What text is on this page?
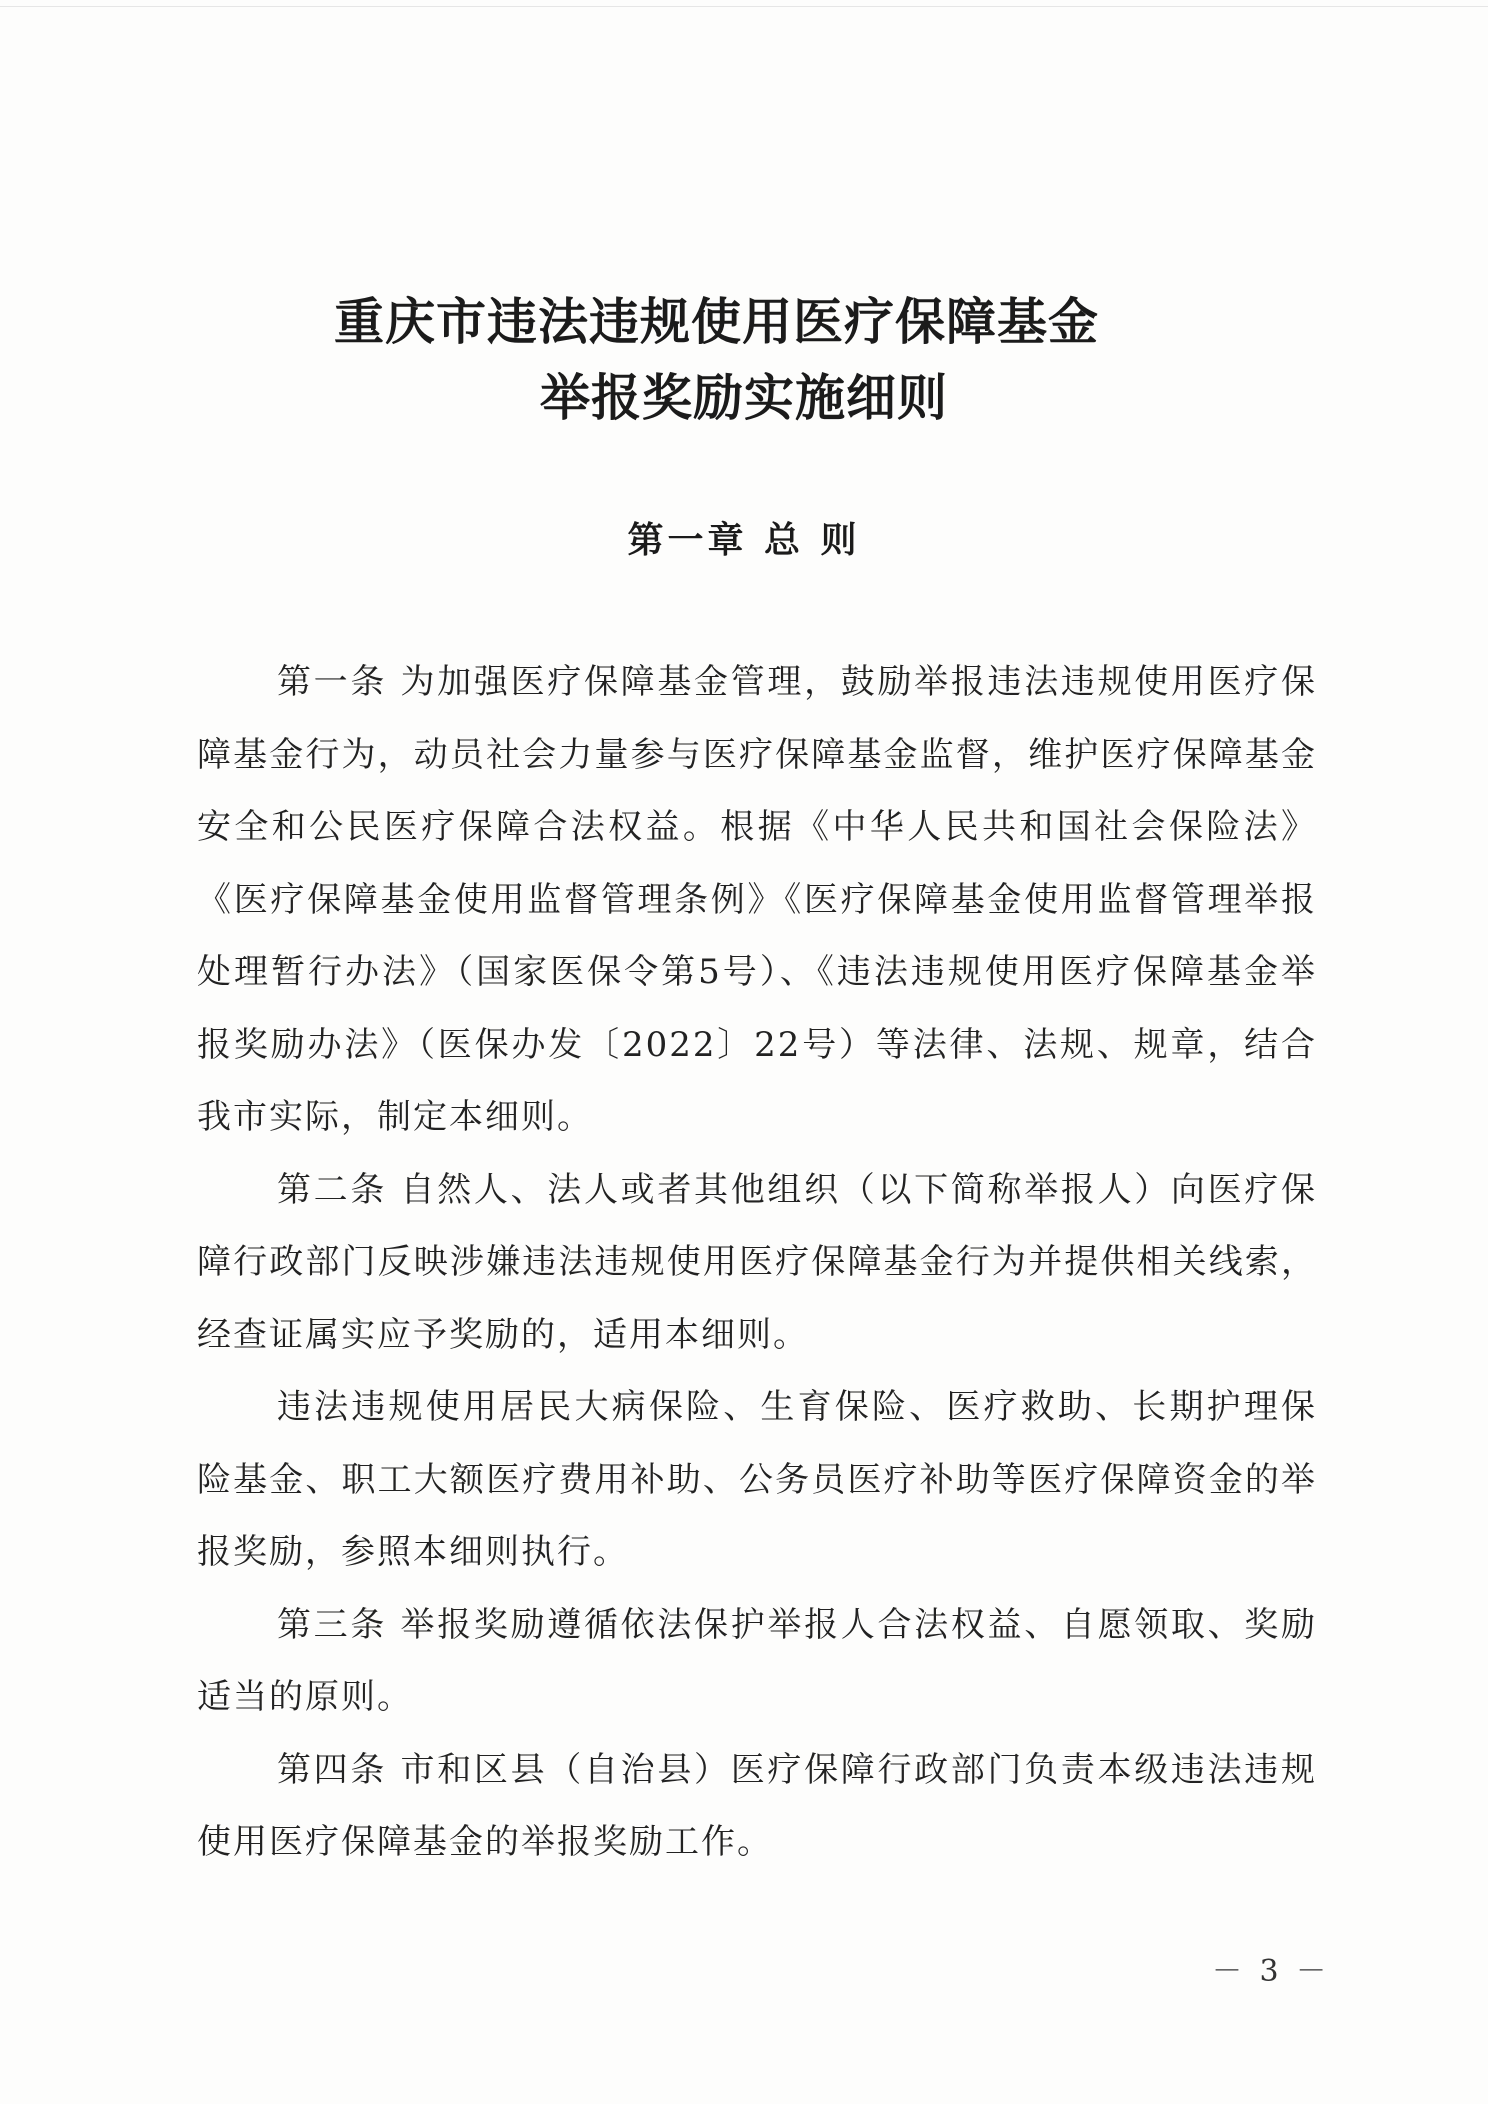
重庆市违法违规使用医疗保障基金
举报奖励实施细则
第一章 总 则

第一条 为加强医疗保障基金管理，鼓励举报违法违规使用医疗保障基金行为，动员社会力量参与医疗保障基金监督，维护医疗保障基金安全和公民医疗保障合法权益。根据《中华人民共和国社会保险法》《医疗保障基金使用监督管理条例》《医疗保障基金使用监督管理举报处理暂行办法》（国家医保令第5号）、《违法违规使用医疗保障基金举报奖励办法》（医保办发〔2022〕22号）等法律、法规、规章，结合我市实际，制定本细则。

第二条 自然人、法人或者其他组织（以下简称举报人）向医疗保障行政部门反映涉嫌违法违规使用医疗保障基金行为并提供相关线索，经查证属实应予奖励的，适用本细则。

违法违规使用居民大病保险、生育保险、医疗救助、长期护理保险基金、职工大额医疗费用补助、公务员医疗补助等医疗保障资金的举报奖励，参照本细则执行。

第三条 举报奖励遵循依法保护举报人合法权益、自愿领取、奖励适当的原则。

第四条 市和区县（自治县）医疗保障行政部门负责本级违法违规使用医疗保障基金的举报奖励工作。

－ 3 －
